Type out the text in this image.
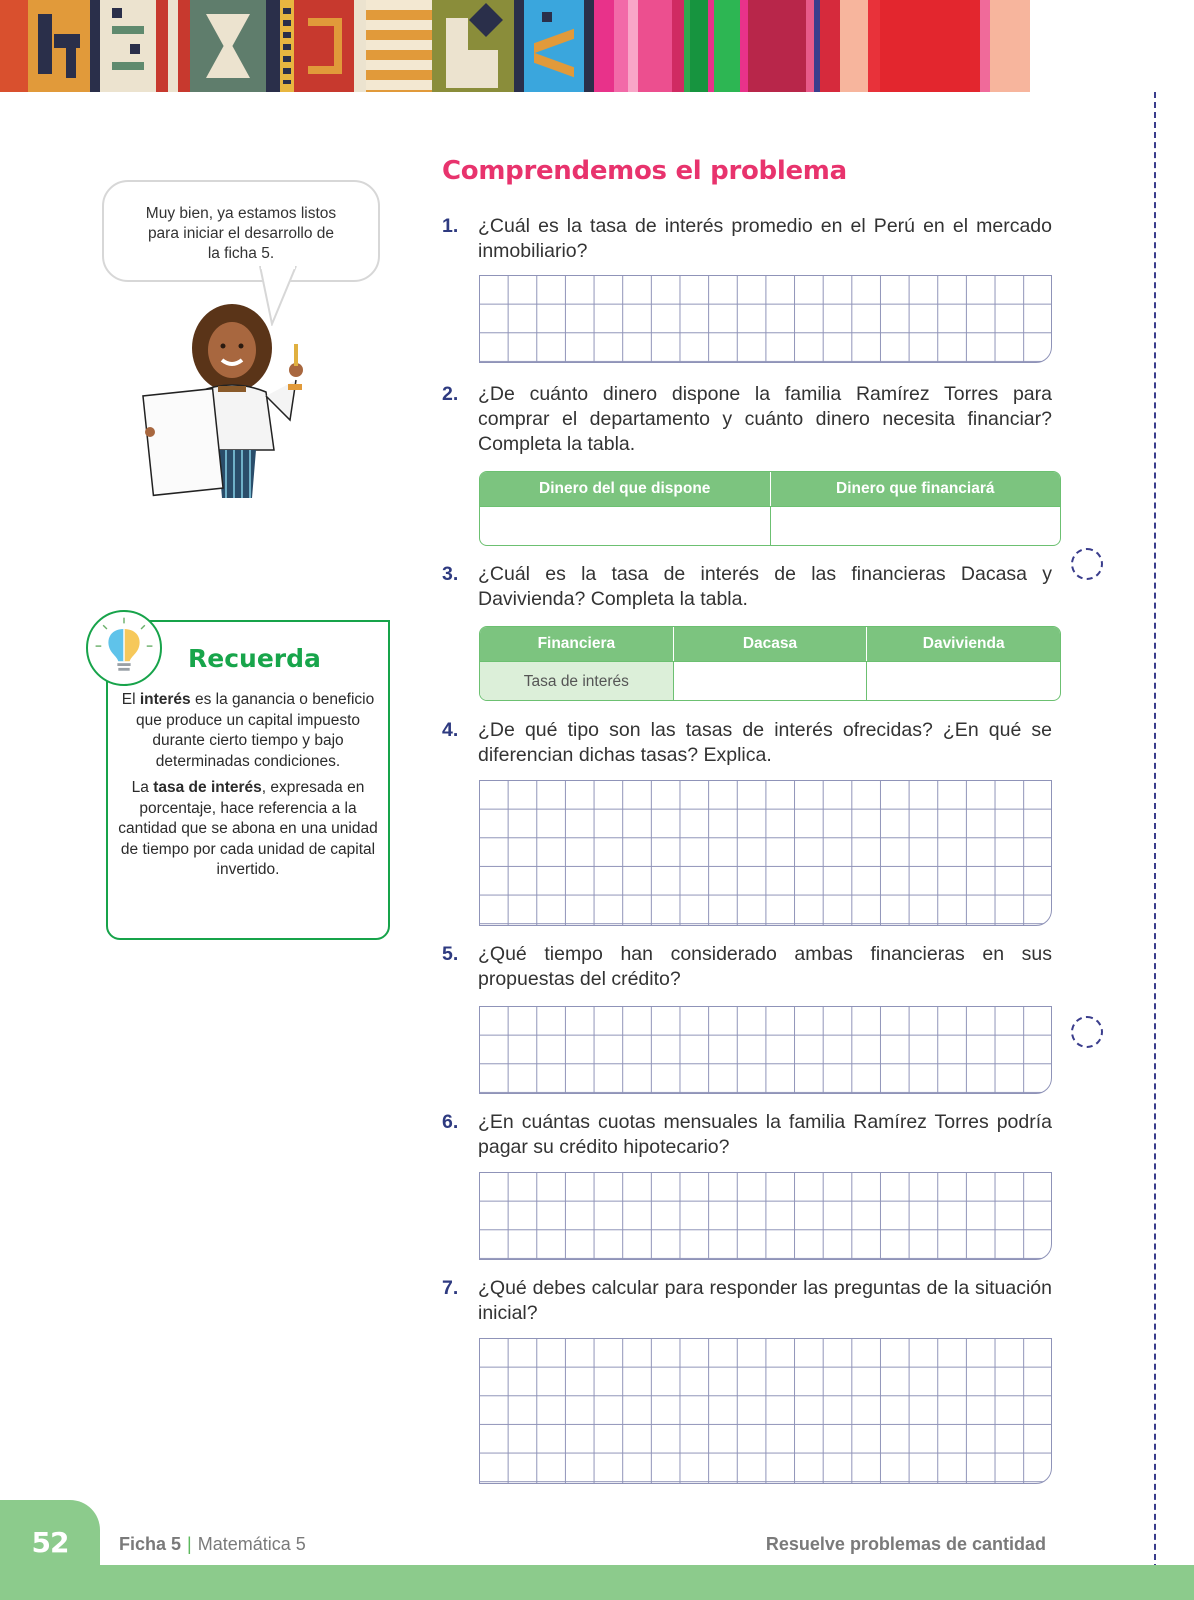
Muy bien, ya estamos listos
para iniciar el desarrollo de
la ficha 5.
Recuerda

El interés es la ganancia o beneficio que produce un capital impuesto durante cierto tiempo y bajo determinadas condiciones.

La tasa de interés, expresada en porcentaje, hace referencia a la cantidad que se abona en una unidad de tiempo por cada unidad de capital invertido.

Comprendemos el problema
1. ¿Cuál es la tasa de interés promedio en el Perú en el mercado inmobiliario?
2. ¿De cuánto dinero dispone la familia Ramírez Torres para comprar el departamento y cuánto dinero necesita financiar? Completa la tabla.
Dinero del que dispone	Dinero que financiará
3. ¿Cuál es la tasa de interés de las financieras Dacasa y Davivienda? Completa la tabla.
Financiera	Dacasa	Davivienda
Tasa de interés
4. ¿De qué tipo son las tasas de interés ofrecidas? ¿En qué se diferencian dichas tasas? Explica.
5. ¿Qué tiempo han considerado ambas financieras en sus propuestas del crédito?
6. ¿En cuántas cuotas mensuales la familia Ramírez Torres podría pagar su crédito hipotecario?
7. ¿Qué debes calcular para responder las preguntas de la situación inicial?
52	Ficha 5 | Matemática 5	Resuelve problemas de cantidad
